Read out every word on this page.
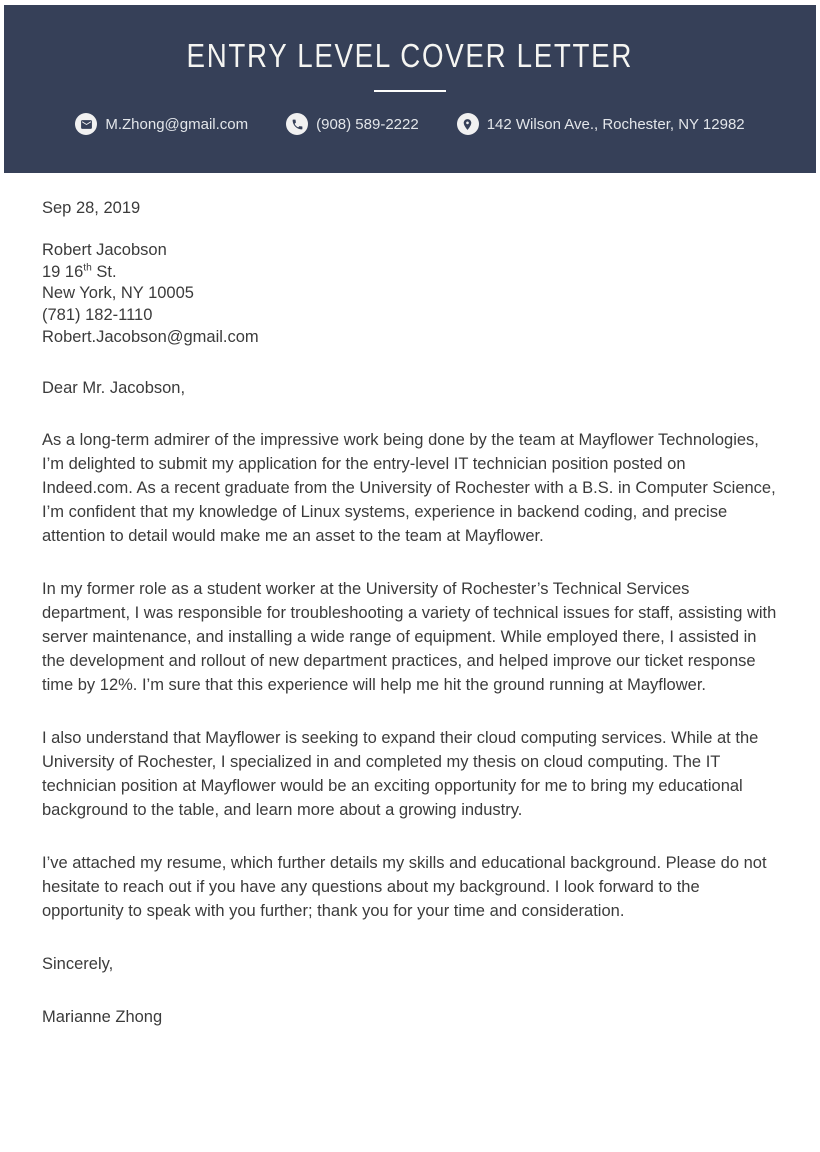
ENTRY LEVEL COVER LETTER
M.Zhong@gmail.com	(908) 589-2222	142 Wilson Ave., Rochester, NY 12982

Sep 28, 2019

Robert Jacobson
19 16th St.
New York, NY 10005
(781) 182-1110
Robert.Jacobson@gmail.com

Dear Mr. Jacobson,

As a long-term admirer of the impressive work being done by the team at Mayflower Technologies, I’m delighted to submit my application for the entry-level IT technician position posted on Indeed.com. As a recent graduate from the University of Rochester with a B.S. in Computer Science, I’m confident that my knowledge of Linux systems, experience in backend coding, and precise attention to detail would make me an asset to the team at Mayflower.

In my former role as a student worker at the University of Rochester’s Technical Services department, I was responsible for troubleshooting a variety of technical issues for staff, assisting with server maintenance, and installing a wide range of equipment. While employed there, I assisted in the development and rollout of new department practices, and helped improve our ticket response time by 12%. I’m sure that this experience will help me hit the ground running at Mayflower.

I also understand that Mayflower is seeking to expand their cloud computing services. While at the University of Rochester, I specialized in and completed my thesis on cloud computing. The IT technician position at Mayflower would be an exciting opportunity for me to bring my educational background to the table, and learn more about a growing industry.

I’ve attached my resume, which further details my skills and educational background. Please do not hesitate to reach out if you have any questions about my background. I look forward to the opportunity to speak with you further; thank you for your time and consideration.

Sincerely,

Marianne Zhong
